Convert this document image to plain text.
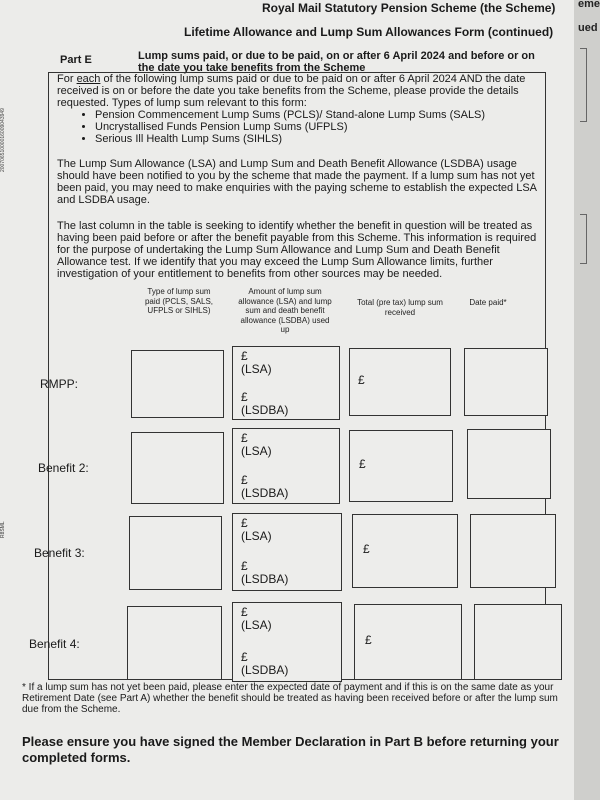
Royal Mail Statutory Pension Scheme (the Scheme)
Lifetime Allowance and Lump Sum Allowances Form (continued)
20070651000016009043949
R8SML
Part E	Lump sums paid, or due to be paid, on or after 6 April 2024 and before or on the date you take benefits from the Scheme
For each of the following lump sums paid or due to be paid on or after 6 April 2024 AND the date received is on or before the date you take benefits from the Scheme, please provide the details requested. Types of lump sum relevant to this form:
• Pension Commencement Lump Sums (PCLS)/ Stand-alone Lump Sums (SALS)
• Uncrystallised Funds Pension Lump Sums (UFPLS)
• Serious Ill Health Lump Sums (SIHLS)
The Lump Sum Allowance (LSA) and Lump Sum and Death Benefit Allowance (LSDBA) usage should have been notified to you by the scheme that made the payment. If a lump sum has not yet been paid, you may need to make enquiries with the paying scheme to establish the expected LSA and LSDBA usage.
The last column in the table is seeking to identify whether the benefit in question will be treated as having been paid before or after the benefit payable from this Scheme. This information is required for the purpose of undertaking the Lump Sum Allowance and Lump Sum and Death Benefit Allowance test. If we identify that you may exceed the Lump Sum Allowance limits, further investigation of your entitlement to benefits from other sources may be needed.
Type of lump sum paid (PCLS, SALS, UFPLS or SIHLS)
Amount of lump sum allowance (LSA) and lump sum and death benefit allowance (LSDBA) used up
Total (pre tax) lump sum received
Date paid*
RMPP:
£
(LSA)
£
(LSDBA)
£
Benefit 2:
£
(LSA)
£
(LSDBA)
£
Benefit 3:
£
(LSA)
£
(LSDBA)
£
Benefit 4:
£
(LSA)
£
(LSDBA)
£
* If a lump sum has not yet been paid, please enter the expected date of payment and if this is on the same date as your Retirement Date (see Part A) whether the benefit should be treated as having been received before or after the lump sum due from the Scheme.
Please ensure you have signed the Member Declaration in Part B before returning your completed forms.
eme
ued
